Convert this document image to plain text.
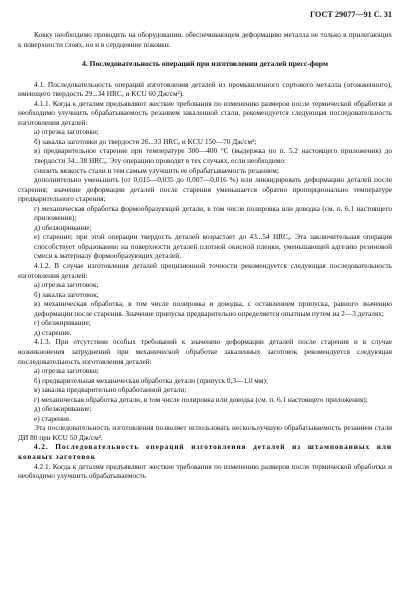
ГОСТ 29077—91 С. 31

Ковку необходимо проводить на оборудовании, обеспечивающем деформацию металла не только в прилегающих к поверхности слоях, но и в сердцевине поковки.

4. Последовательность операций при изготовлении деталей пресс-форм

4.1. Последовательность операций изготовления деталей из промышленного сортового металла (отожженного), имеющего твердость 29...34 HRCₐ и KCU 60 Дж/см²).

4.1.1. Когда к деталям предъявляют жесткие требования по изменению размеров после термической обработки и необходимо улучшить обрабатываемость резанием закаленной стали, рекомендуется следующая последовательность изготовления деталей:

а) отрезка заготовки;

б) закалка заготовки до твердости 26...33 HRCₐ и KCU 150—70 Дж/см²;

в) предварительное старение при температуре 300—400 °С (выдержка по п. 5.2 настоящего приложения) до твердости 34...38 HRCₐ. Эту операцию проводят в тех случаях, если необходимо:

снизить вязкость стали и тем самым улучшить ее обрабатываемость резанием;

дополнительно уменьшить (от 0,015—0,035 до 0,007—0,016 %) или ликвидировать деформацию деталей после старения; значение деформации деталей после старения уменьшается обратно пропорционально температуре предварительного старения;

г) механическая обработка формообразующей детали, в том числе полировка или доводка (см. п. 6.1 настоящего приложения);

д) обезжиривание;

е) старение; при этой операции твердость деталей возрастает до 43...54 HRCₐ. Эта заключительная операция способствует образованию на поверхности деталей плотной окисной пленки, уменьшающей адгезию резиновой смеси к материалу формообразующих деталей.

4.1.2. В случае изготовления деталей прецизионной точности рекомендуется следующая последовательность изготовления деталей:

а) отрезка заготовок;

б) закалка заготовок;

в) механическая обработка, в том числе полировка и доводка, с оставлением припуска, равного значению деформации после старения. Значение припуска предварительно определяется опытным путем на 2—3 деталях;

г) обезжиривание;

д) старение.

4.1.3. При отсутствии особых требований к значению деформации деталей после старения и в случае возникновения затруднений при механической обработке закаленных заготовок рекомендуется следующая последовательность изготовления деталей:

а) отрезка заготовки;

б) предварительная механическая обработка детали (припуск 0,3—1,0 мм);

в) закалка предварительно обработанной детали;

г) механическая обработка детали, в том числе полировка или доводка (см. п. 6.1 настоящего приложения);

д) обезжиривание;

е) старение.

Эта последовательность изготовления позволяет использовать нескольлучшую обрабатываемость резанием стали ДИ 80 при KCU 50 Дж/см².

4.2. Последовательность операций изготовления деталей из штампованных или кованых заготовок

4.2.1. Когда к деталям предъявляют жесткие требования по изменению размеров после термической обработки и необходимо улучшить обрабатываемость
